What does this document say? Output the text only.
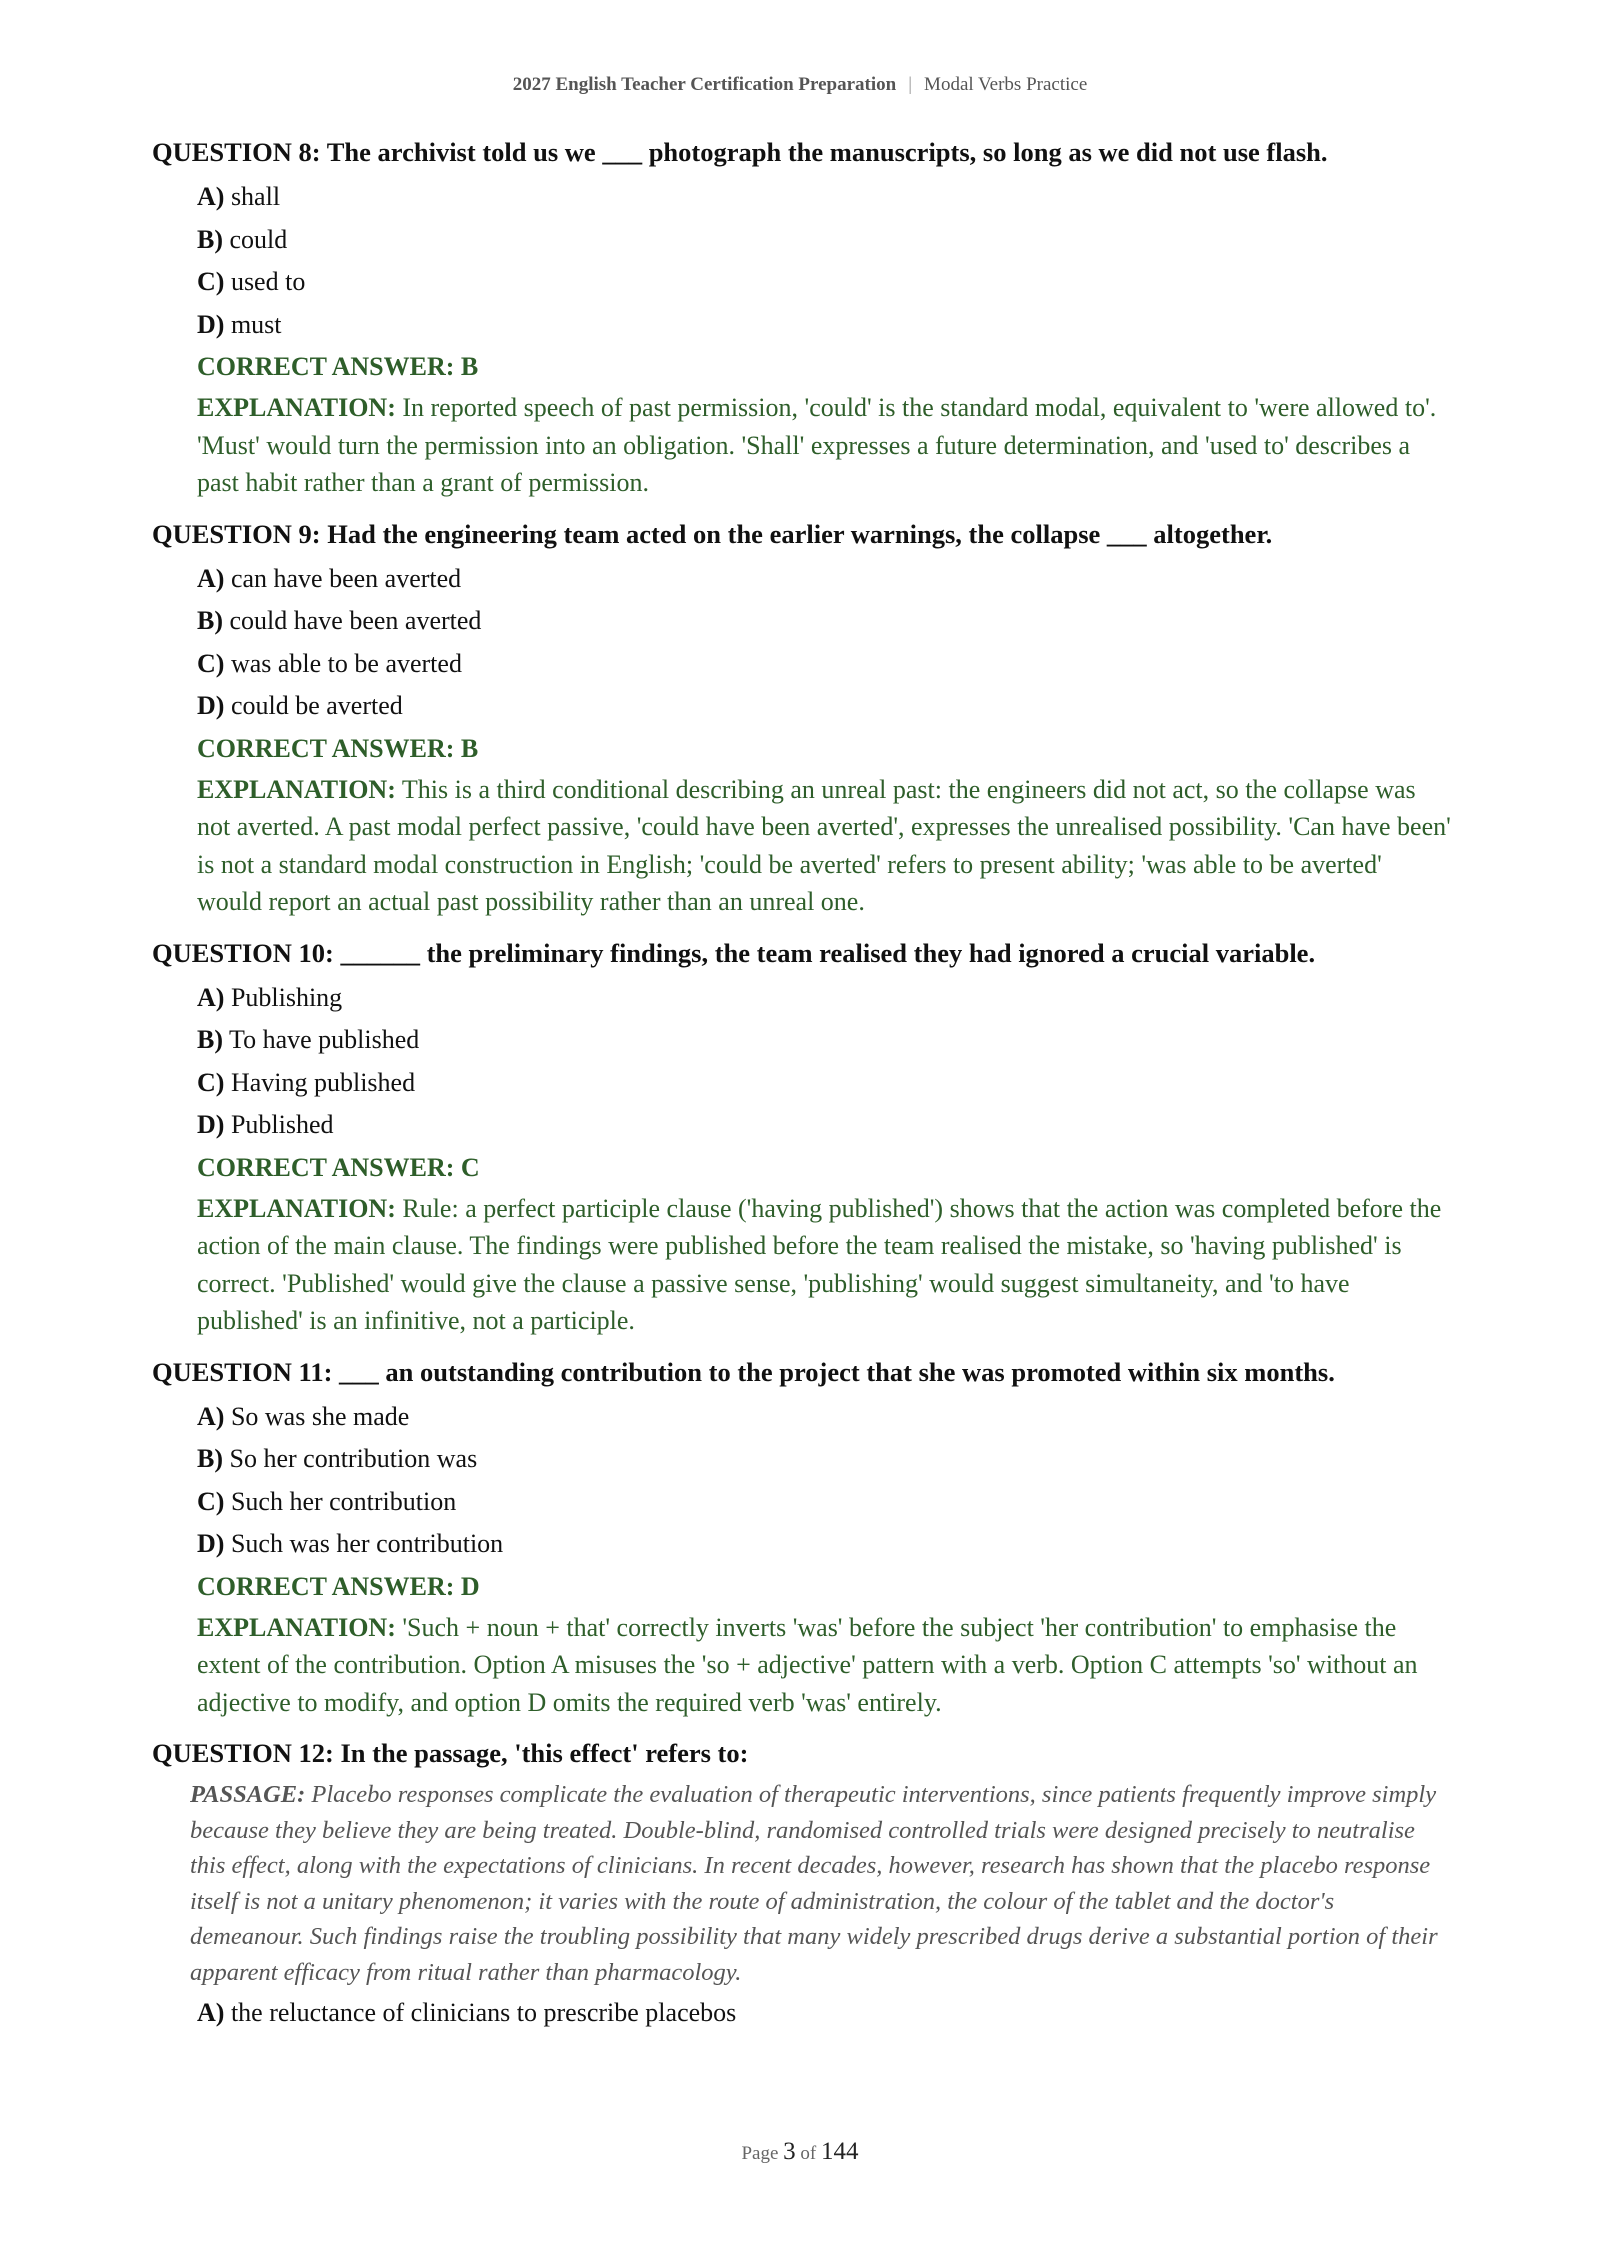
2027 English Teacher Certification Preparation | Modal Verbs Practice
QUESTION 8: The archivist told us we ___ photograph the manuscripts, so long as we did not use flash.
A) shall
B) could
C) used to
D) must
CORRECT ANSWER: B
EXPLANATION: In reported speech of past permission, 'could' is the standard modal, equivalent to 'were allowed to'. 'Must' would turn the permission into an obligation. 'Shall' expresses a future determination, and 'used to' describes a past habit rather than a grant of permission.
QUESTION 9: Had the engineering team acted on the earlier warnings, the collapse ___ altogether.
A) can have been averted
B) could have been averted
C) was able to be averted
D) could be averted
CORRECT ANSWER: B
EXPLANATION: This is a third conditional describing an unreal past: the engineers did not act, so the collapse was not averted. A past modal perfect passive, 'could have been averted', expresses the unrealised possibility. 'Can have been' is not a standard modal construction in English; 'could be averted' refers to present ability; 'was able to be averted' would report an actual past possibility rather than an unreal one.
QUESTION 10: ______ the preliminary findings, the team realised they had ignored a crucial variable.
A) Publishing
B) To have published
C) Having published
D) Published
CORRECT ANSWER: C
EXPLANATION: Rule: a perfect participle clause ('having published') shows that the action was completed before the action of the main clause. The findings were published before the team realised the mistake, so 'having published' is correct. 'Published' would give the clause a passive sense, 'publishing' would suggest simultaneity, and 'to have published' is an infinitive, not a participle.
QUESTION 11: ___ an outstanding contribution to the project that she was promoted within six months.
A) So was she made
B) So her contribution was
C) Such her contribution
D) Such was her contribution
CORRECT ANSWER: D
EXPLANATION: 'Such + noun + that' correctly inverts 'was' before the subject 'her contribution' to emphasise the extent of the contribution. Option A misuses the 'so + adjective' pattern with a verb. Option C attempts 'so' without an adjective to modify, and option D omits the required verb 'was' entirely.
QUESTION 12: In the passage, 'this effect' refers to:
PASSAGE: Placebo responses complicate the evaluation of therapeutic interventions, since patients frequently improve simply because they believe they are being treated. Double-blind, randomised controlled trials were designed precisely to neutralise this effect, along with the expectations of clinicians. In recent decades, however, research has shown that the placebo response itself is not a unitary phenomenon; it varies with the route of administration, the colour of the tablet and the doctor's demeanour. Such findings raise the troubling possibility that many widely prescribed drugs derive a substantial portion of their apparent efficacy from ritual rather than pharmacology.
A) the reluctance of clinicians to prescribe placebos
Page 3 of 144
